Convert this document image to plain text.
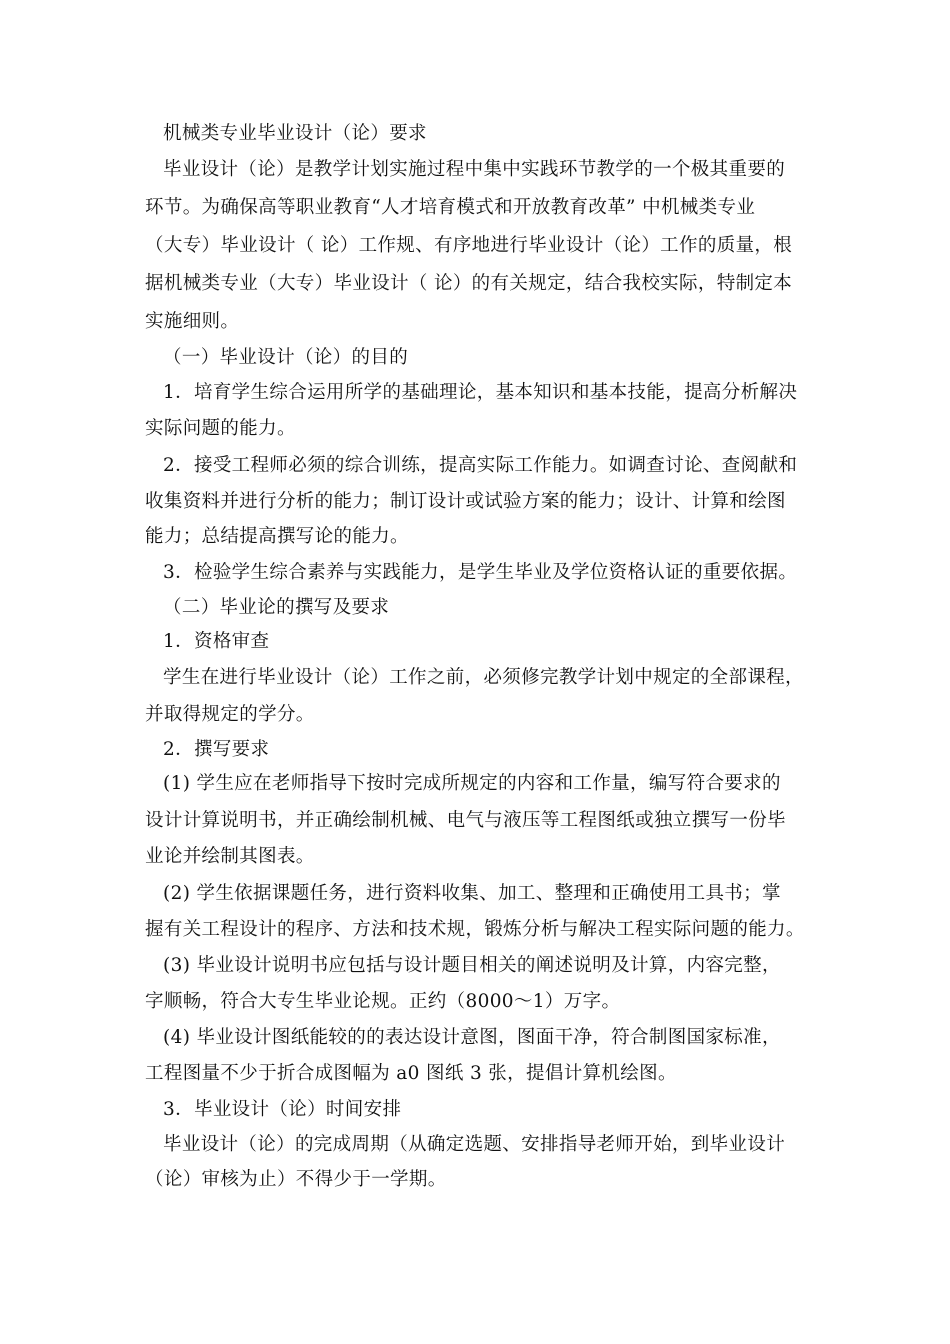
机械类专业毕业设计（论）要求
毕业设计（论）是教学计划实施过程中集中实践环节教学的一个极其重要的
环节。为确保高等职业教育“人才培育模式和开放教育改革” 中机械类专业
（大专）毕业设计（ 论）工作规、有序地进行毕业设计（论）工作的质量，根
据机械类专业（大专）毕业设计（ 论）的有关规定，结合我校实际，特制定本
实施细则。
（一）毕业设计（论）的目的
1．培育学生综合运用所学的基础理论，基本知识和基本技能，提高分析解决
实际问题的能力。
2．接受工程师必须的综合训练，提高实际工作能力。如调查讨论、查阅献和
收集资料并进行分析的能力；制订设计或试验方案的能力；设计、计算和绘图
能力；总结提高撰写论的能力。
3．检验学生综合素养与实践能力，是学生毕业及学位资格认证的重要依据。
（二）毕业论的撰写及要求
1．资格审查
学生在进行毕业设计（论）工作之前，必须修完教学计划中规定的全部课程，
并取得规定的学分。
2．撰写要求
(1) 学生应在老师指导下按时完成所规定的内容和工作量，编写符合要求的
设计计算说明书，并正确绘制机械、电气与液压等工程图纸或独立撰写一份毕
业论并绘制其图表。
(2) 学生依据课题任务，进行资料收集、加工、整理和正确使用工具书；掌
握有关工程设计的程序、方法和技术规，锻炼分析与解决工程实际问题的能力。
(3) 毕业设计说明书应包括与设计题目相关的阐述说明及计算，内容完整，
字顺畅，符合大专生毕业论规。正约（8000～1）万字。
(4) 毕业设计图纸能较的的表达设计意图，图面干净，符合制图国家标准，
工程图量不少于折合成图幅为 a0 图纸 3 张，提倡计算机绘图。
3．毕业设计（论）时间安排
毕业设计（论）的完成周期（从确定选题、安排指导老师开始，到毕业设计
（论）审核为止）不得少于一学期。
